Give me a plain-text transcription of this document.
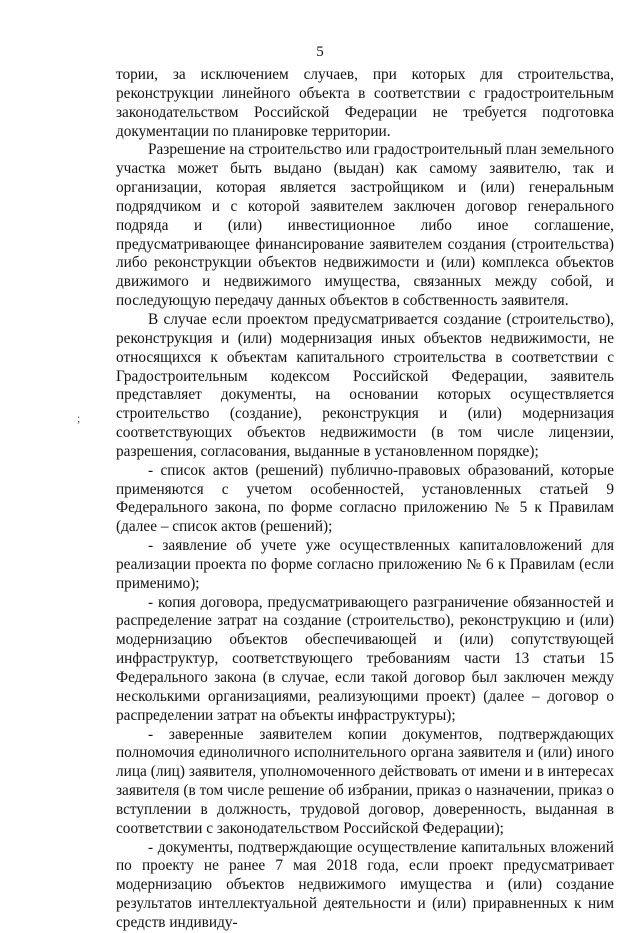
5
;

тории, за исключением случаев, при которых для строительства, реконструкции линейного объекта в соответствии с градостроительным законодательством Российской Федерации не требуется подготовка документации по планировке территории.

Разрешение на строительство или градостроительный план земельного участка может быть выдано (выдан) как самому заявителю, так и организации, которая является застройщиком и (или) генеральным подрядчиком и с которой заявителем заключен договор генерального подряда и (или) инвестиционное либо иное соглашение, предусматривающее финансирование заявителем создания (строительства) либо реконструкции объектов недвижимости и (или) комплекса объектов движимого и недвижимого имущества, связанных между собой, и последующую передачу данных объектов в собственность заявителя.

В случае если проектом предусматривается создание (строительство), реконструкция и (или) модернизация иных объектов недвижимости, не относящихся к объектам капитального строительства в соответствии с Градостроительным кодексом Российской Федерации, заявитель представляет документы, на основании которых осуществляется строительство (создание), реконструкция и (или) модернизация соответствующих объектов недвижимости (в том числе лицензии, разрешения, согласования, выданные в установленном порядке);

- список актов (решений) публично-правовых образований, которые применяются с учетом особенностей, установленных статьей 9 Федерального закона, по форме согласно приложению № 5 к Правилам (далее – список актов (решений);

- заявление об учете уже осуществленных капиталовложений для реализации проекта по форме согласно приложению № 6 к Правилам (если применимо);

- копия договора, предусматривающего разграничение обязанностей и распределение затрат на создание (строительство), реконструкцию и (или) модернизацию объектов обеспечивающей и (или) сопутствующей инфраструктур, соответствующего требованиям части 13 статьи 15 Федерального закона (в случае, если такой договор был заключен между несколькими организациями, реализующими проект) (далее – договор о распределении затрат на объекты инфраструктуры);

- заверенные заявителем копии документов, подтверждающих полномочия единоличного исполнительного органа заявителя и (или) иного лица (лиц) заявителя, уполномоченного действовать от имени и в интересах заявителя (в том числе решение об избрании, приказ о назначении, приказ о вступлении в должность, трудовой договор, доверенность, выданная в соответствии с законодательством Российской Федерации);

- документы, подтверждающие осуществление капитальных вложений по проекту не ранее 7 мая 2018 года, если проект предусматривает модернизацию объектов недвижимого имущества и (или) создание результатов интеллектуальной деятельности и (или) приравненных к ним средств индивиду-
